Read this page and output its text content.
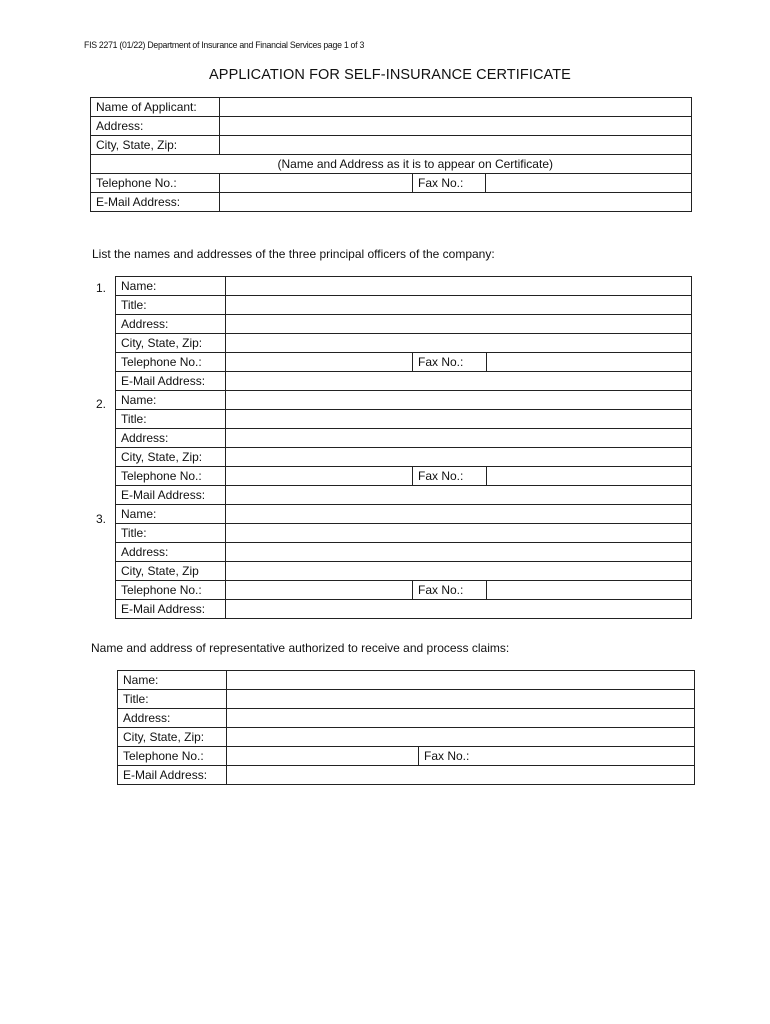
FIS 2271 (01/22) Department of Insurance and Financial Services page 1 of 3
APPLICATION FOR SELF-INSURANCE CERTIFICATE
Name of Applicant:			
Address:			
City, State, Zip:			
	(Name and Address as it is to appear on Certificate)		
Telephone No.:		Fax No.:	
E-Mail Address:			
List the names and addresses of the three principal officers of the company:
1.
2.
3.
Name:			
Title:			
Address:			
City, State, Zip:			
Telephone No.:		Fax No.:	
E-Mail Address:			
Name:			
Title:			
Address:			
City, State, Zip:			
Telephone No.:		Fax No.:	
E-Mail Address:			
Name:			
Title:			
Address:			
City, State, Zip			
Telephone No.:		Fax No.:	
E-Mail Address:			
Name and address of representative authorized to receive and process claims:
Name:			
Title:			
Address:			
City, State, Zip:			
Telephone No.:		Fax No.:	
E-Mail Address:			
